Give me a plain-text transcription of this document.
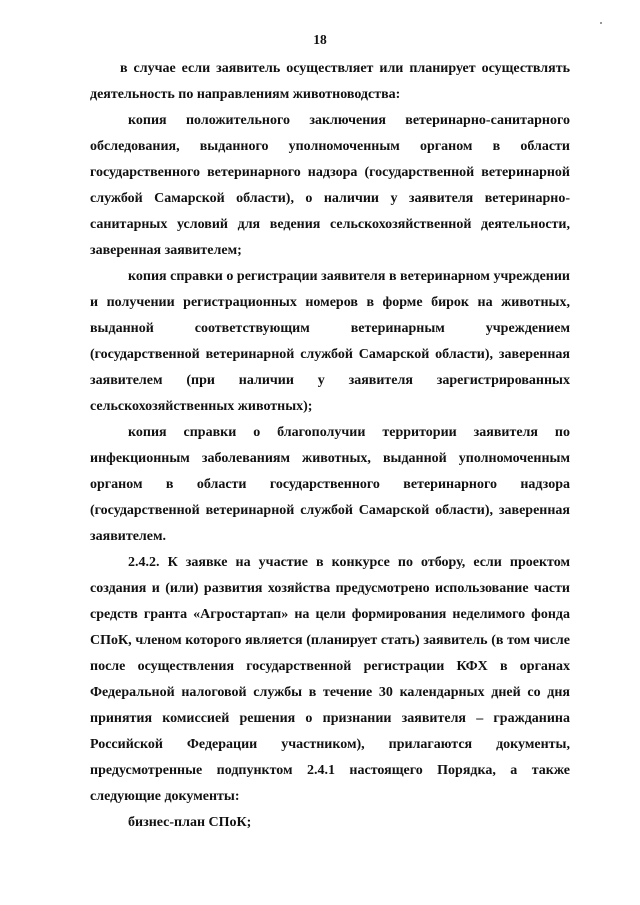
18

в случае если заявитель осуществляет или планирует осуществлять деятельность по направлениям животноводства:

копия положительного заключения ветеринарно-санитарного обследования, выданного уполномоченным органом в области государственного ветеринарного надзора (государственной ветеринарной службой Самарской области), о наличии у заявителя ветеринарно-санитарных условий для ведения сельскохозяйственной деятельности, заверенная заявителем;

копия справки о регистрации заявителя в ветеринарном учреждении и получении регистрационных номеров в форме бирок на животных, выданной соответствующим ветеринарным учреждением (государственной ветеринарной службой Самарской области), заверенная заявителем (при наличии у заявителя зарегистрированных сельскохозяйственных животных);

копия справки о благополучии территории заявителя по инфекционным заболеваниям животных, выданной уполномоченным органом в области государственного ветеринарного надзора (государственной ветеринарной службой Самарской области), заверенная заявителем.

2.4.2. К заявке на участие в конкурсе по отбору, если проектом создания и (или) развития хозяйства предусмотрено использование части средств гранта «Агростартап» на цели формирования неделимого фонда СПоК, членом которого является (планирует стать) заявитель (в том числе после осуществления государственной регистрации КФХ в органах Федеральной налоговой службы в течение 30 календарных дней со дня принятия комиссией решения о признании заявителя – гражданина Российской Федерации участником), прилагаются документы, предусмотренные подпунктом 2.4.1 настоящего Порядка, а также следующие документы:

бизнес-план СПоК;
